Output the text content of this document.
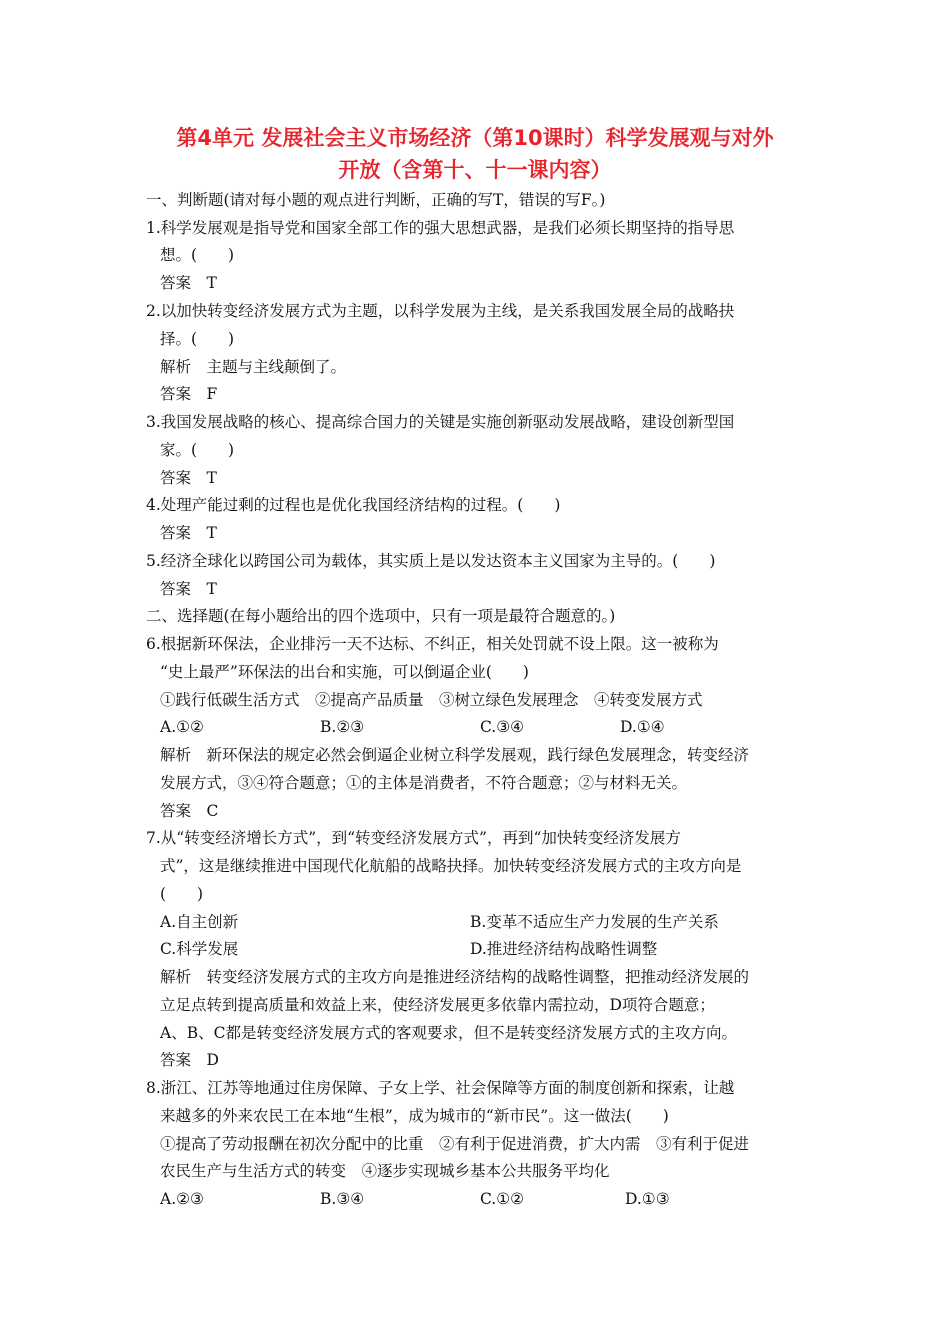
第4单元 发展社会主义市场经济（第10课时）科学发展观与对外
开放（含第十、十一课内容）
一、判断题(请对每小题的观点进行判断，正确的写T，错误的写F。)
1.科学发展观是指导党和国家全部工作的强大思想武器，是我们必须长期坚持的指导思
想。(　　)
答案　T
2.以加快转变经济发展方式为主题，以科学发展为主线，是关系我国发展全局的战略抉
择。(　　)
解析　主题与主线颠倒了。
答案　F
3.我国发展战略的核心、提高综合国力的关键是实施创新驱动发展战略，建设创新型国
家。(　　)
答案　T
4.处理产能过剩的过程也是优化我国经济结构的过程。(　　)
答案　T
5.经济全球化以跨国公司为载体，其实质上是以发达资本主义国家为主导的。(　　)
答案　T
二、选择题(在每小题给出的四个选项中，只有一项是最符合题意的。)
6.根据新环保法，企业排污一天不达标、不纠正，相关处罚就不设上限。这一被称为
“史上最严”环保法的出台和实施，可以倒逼企业(　　)
①践行低碳生活方式　②提高产品质量　③树立绿色发展理念　④转变发展方式
A.①②	B.②③	C.③④	D.①④
解析　新环保法的规定必然会倒逼企业树立科学发展观，践行绿色发展理念，转变经济
发展方式，③④符合题意；①的主体是消费者，不符合题意；②与材料无关。
答案　C
7.从“转变经济增长方式”，到“转变经济发展方式”，再到“加快转变经济发展方
式”，这是继续推进中国现代化航船的战略抉择。加快转变经济发展方式的主攻方向是
(　　)
A.自主创新	B.变革不适应生产力发展的生产关系
C.科学发展	D.推进经济结构战略性调整
解析　转变经济发展方式的主攻方向是推进经济结构的战略性调整，把推动经济发展的
立足点转到提高质量和效益上来，使经济发展更多依靠内需拉动，D项符合题意；
A、B、C都是转变经济发展方式的客观要求，但不是转变经济发展方式的主攻方向。
答案　D
8.浙江、江苏等地通过住房保障、子女上学、社会保障等方面的制度创新和探索，让越
来越多的外来农民工在本地“生根”，成为城市的“新市民”。这一做法(　　)
①提高了劳动报酬在初次分配中的比重　②有利于促进消费，扩大内需　③有利于促进
农民生产与生活方式的转变　④逐步实现城乡基本公共服务平均化
A.②③	B.③④	C.①②	D.①③
